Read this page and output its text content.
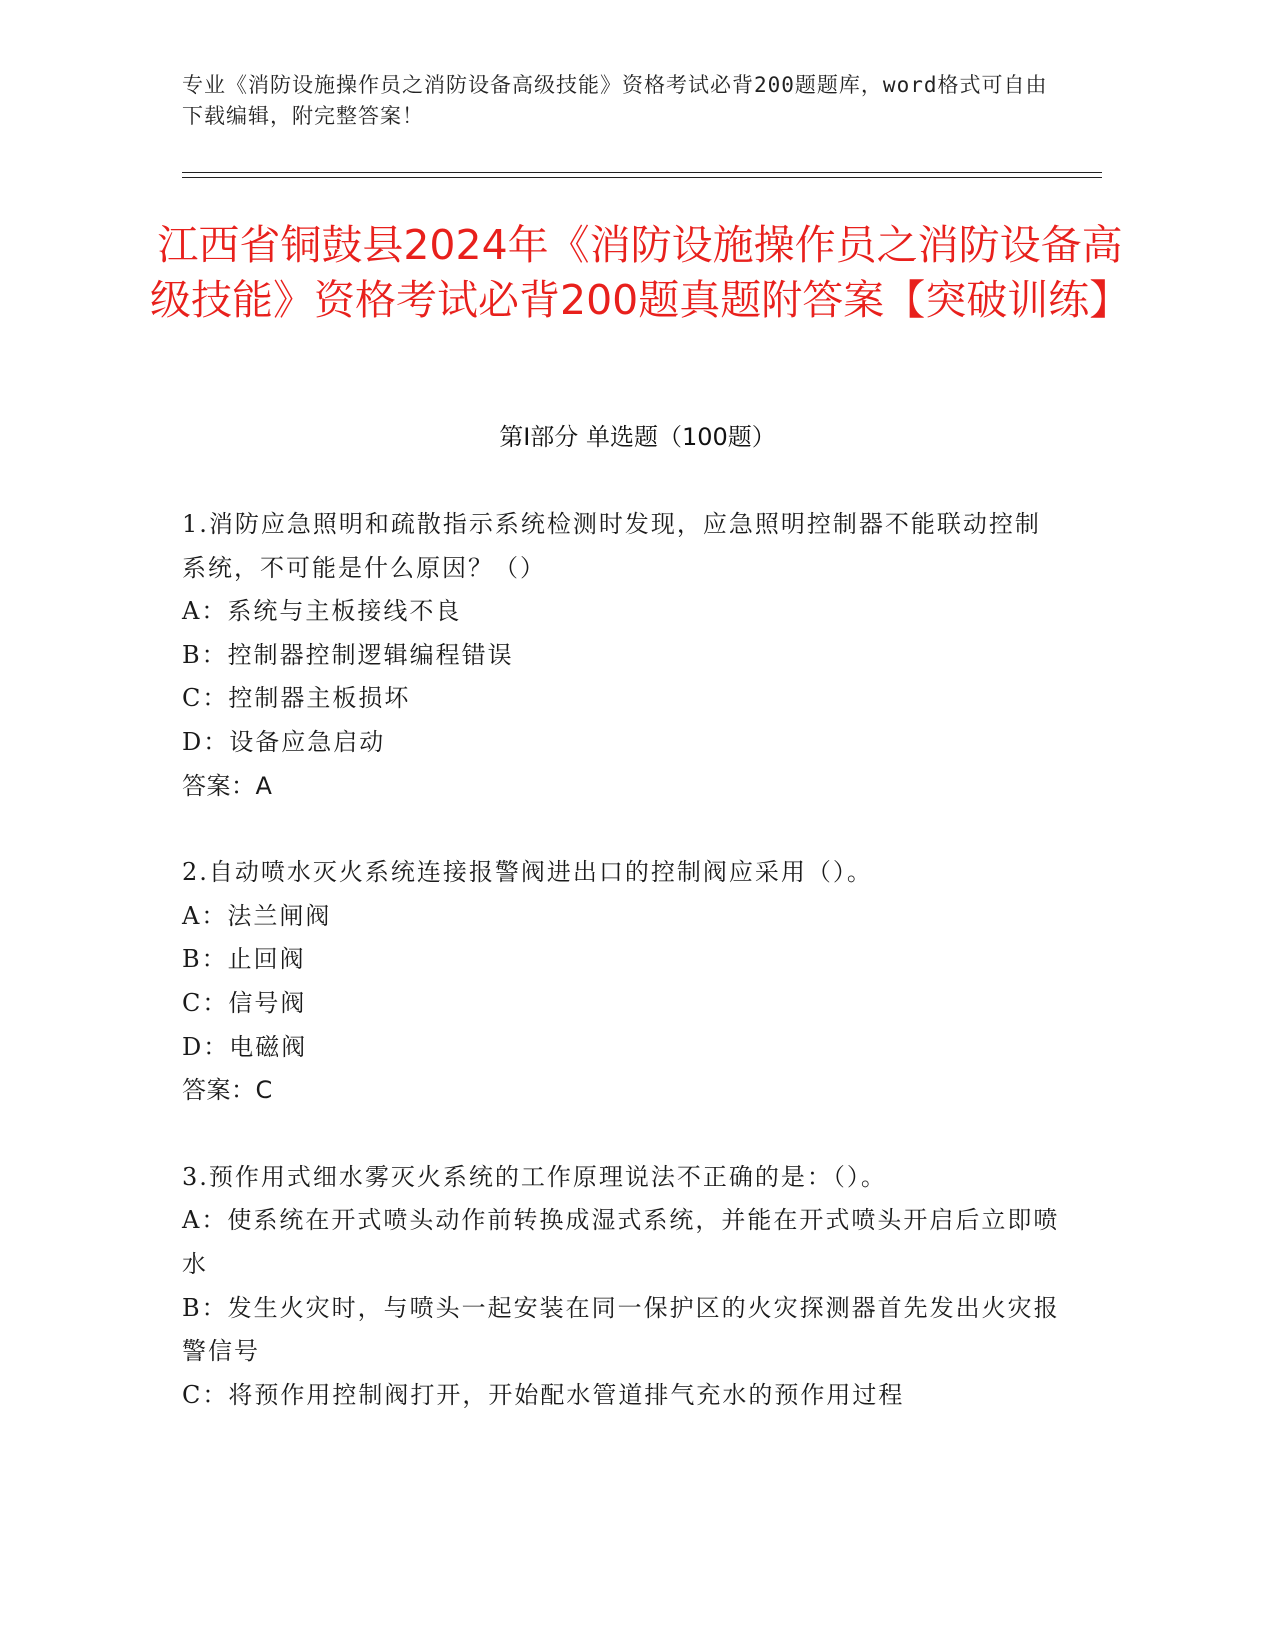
专业《消防设施操作员之消防设备高级技能》资格考试必背200题题库，word格式可自由下载编辑，附完整答案！
江西省铜鼓县2024年《消防设施操作员之消防设备高级技能》资格考试必背200题真题附答案【突破训练】
第Ⅰ部分 单选题（100题）

1.消防应急照明和疏散指示系统检测时发现，应急照明控制器不能联动控制系统，不可能是什么原因？（）

A：系统与主板接线不良

B：控制器控制逻辑编程错误

C：控制器主板损坏

D：设备应急启动

答案：A

2.自动喷水灭火系统连接报警阀进出口的控制阀应采用（）。

A：法兰闸阀

B：止回阀

C：信号阀

D：电磁阀

答案：C

3.预作用式细水雾灭火系统的工作原理说法不正确的是：（）。

A：使系统在开式喷头动作前转换成湿式系统，并能在开式喷头开启后立即喷水

B：发生火灾时，与喷头一起安装在同一保护区的火灾探测器首先发出火灾报警信号

C：将预作用控制阀打开，开始配水管道排气充水的预作用过程
